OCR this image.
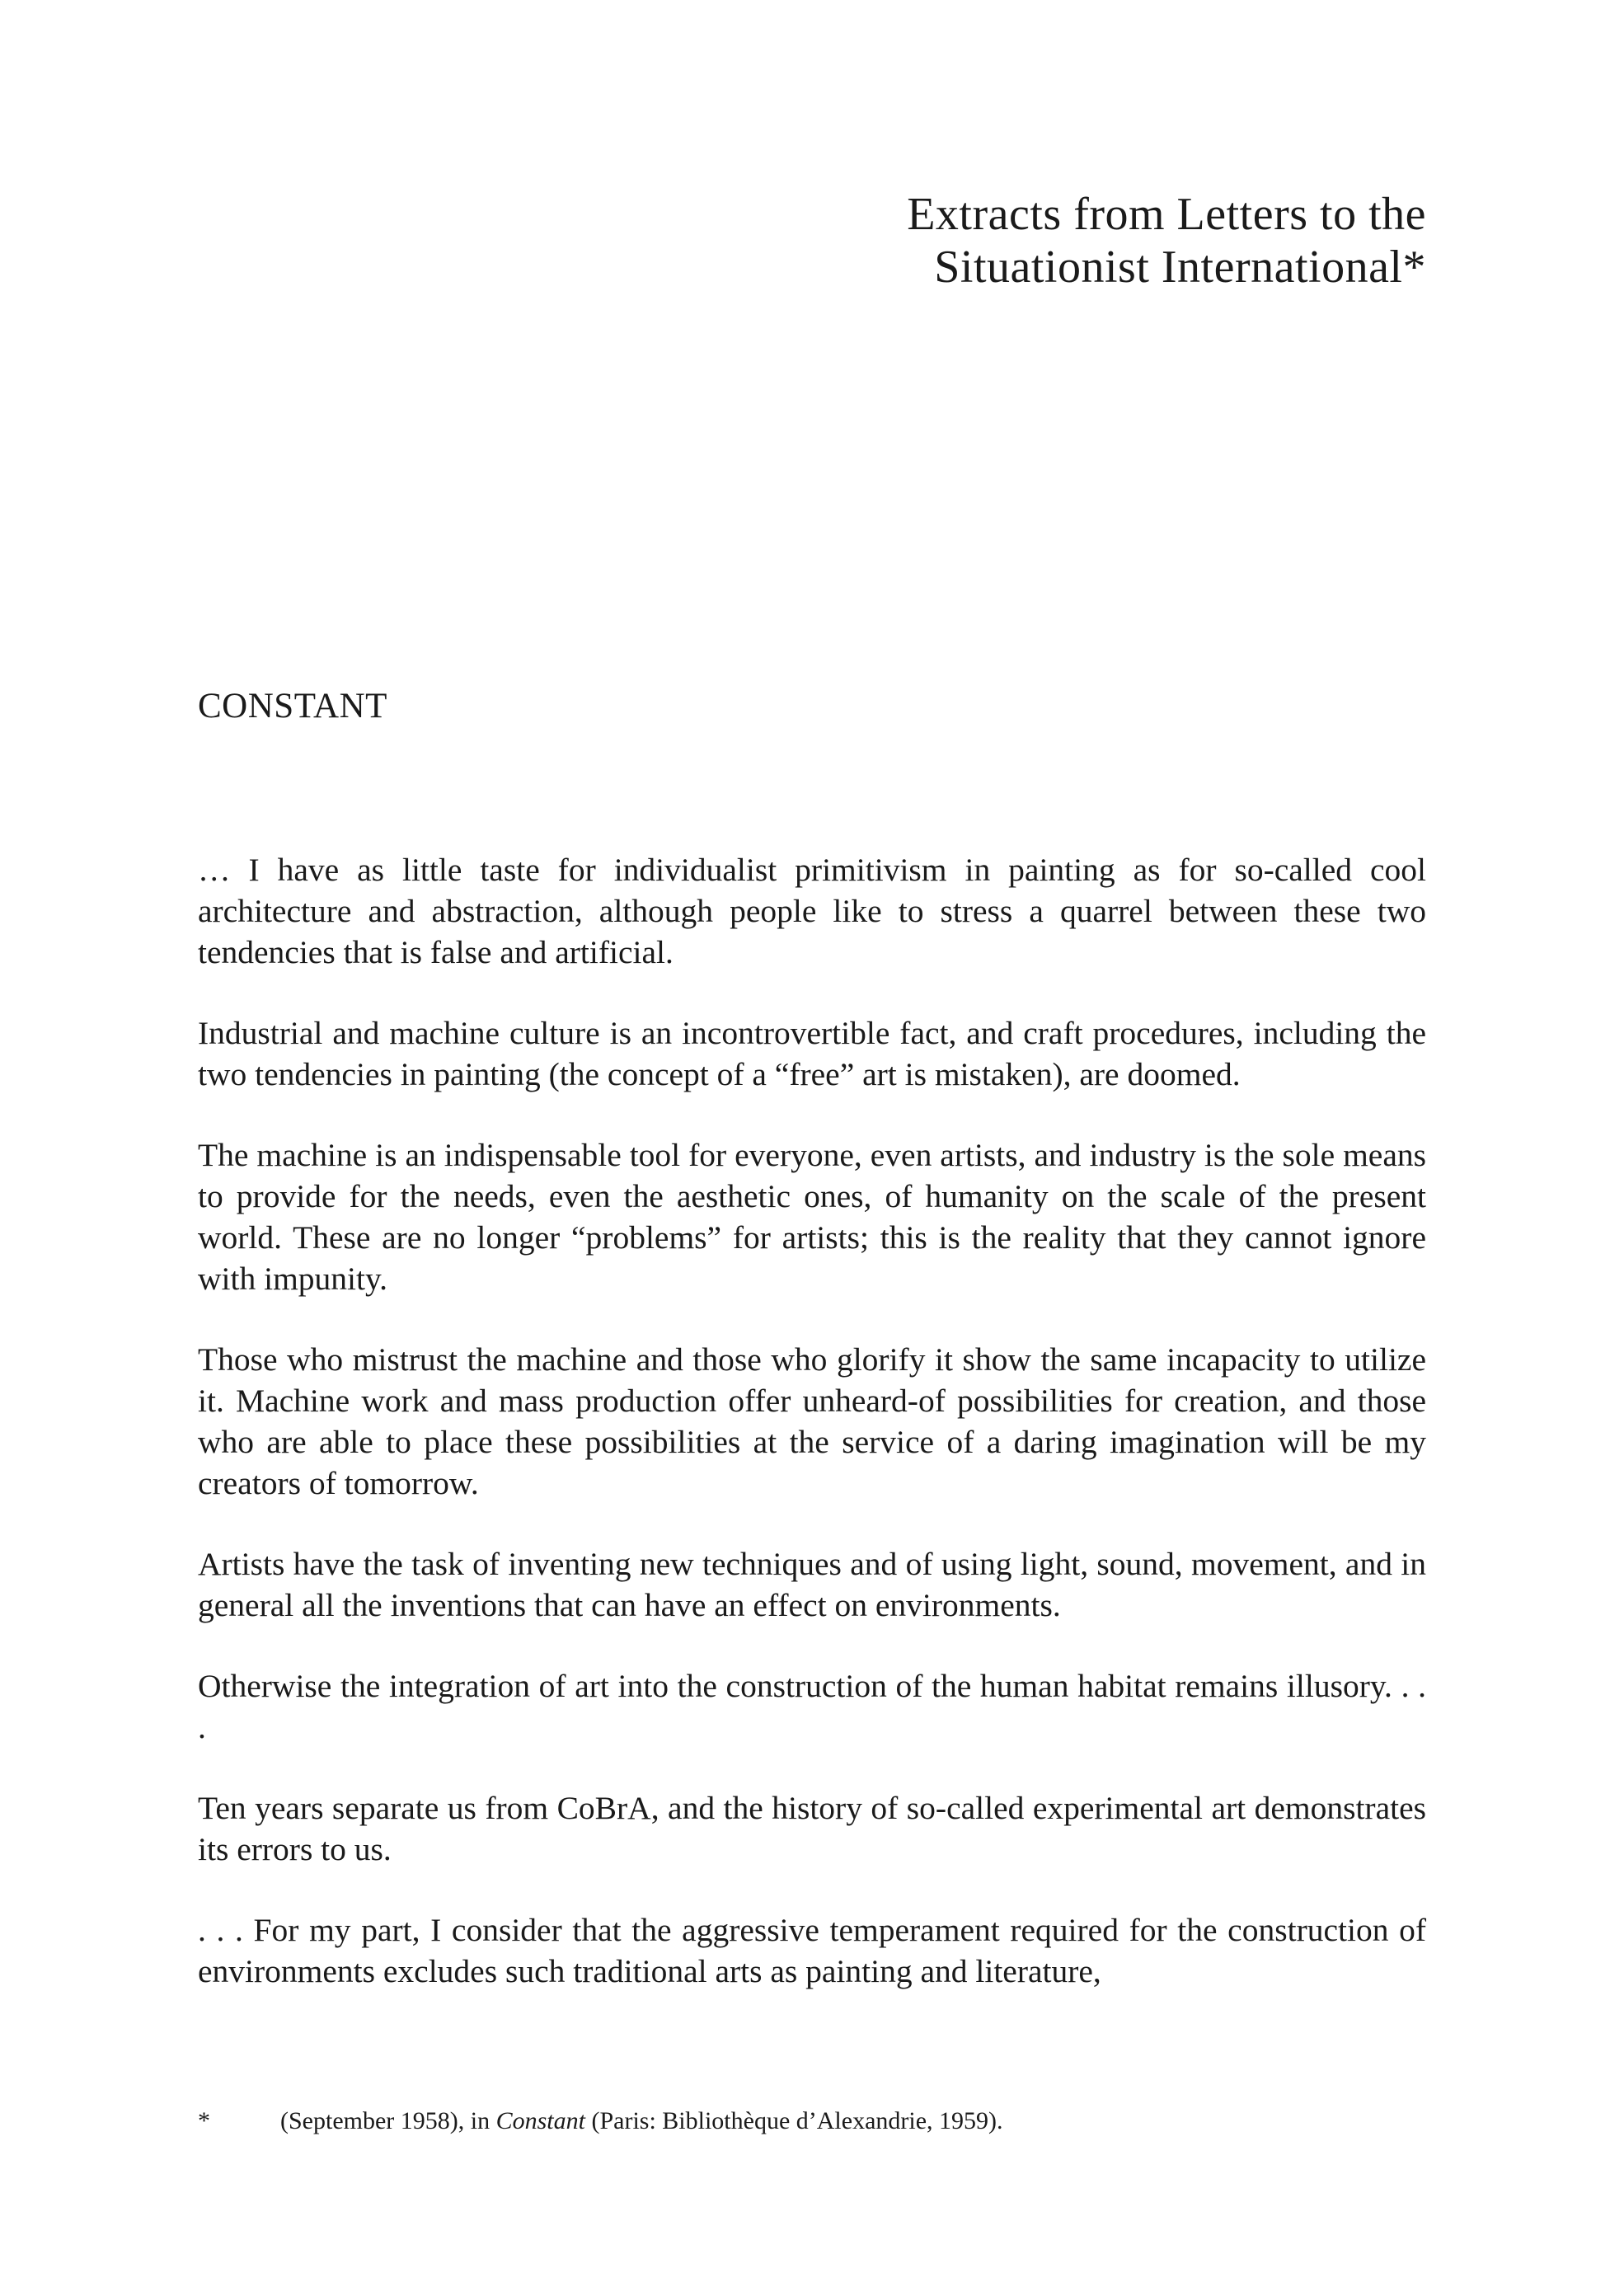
Extracts from Letters to the
Situationist International*
CONSTANT

… I have as little taste for individualist primitivism in painting as for so-called cool architecture and abstraction, although people like to stress a quarrel between these two tendencies that is false and artificial.

Industrial and machine culture is an incontrovertible fact, and craft procedures, including the two tendencies in painting (the concept of a “free” art is mistaken), are doomed.

The machine is an indispensable tool for everyone, even artists, and industry is the sole means to provide for the needs, even the aesthetic ones, of humanity on the scale of the present world. These are no longer “problems” for artists; this is the reality that they cannot ignore with impunity.

Those who mistrust the machine and those who glorify it show the same incapacity to utilize it. Machine work and mass production offer unheard-of possibilities for creation, and those who are able to place these possibilities at the service of a daring imagination will be my creators of tomorrow.

Artists have the task of inventing new techniques and of using light, sound, movement, and in general all the inventions that can have an effect on environments.

Otherwise the integration of art into the construction of the human habitat remains illusory. . . .

Ten years separate us from CoBrA, and the history of so-called experimental art demonstrates its errors to us.

. . . For my part, I consider that the aggressive temperament required for the construction of environments excludes such traditional arts as painting and literature,

*	(September 1958), in Constant (Paris: Bibliothèque d’Alexandrie, 1959).
